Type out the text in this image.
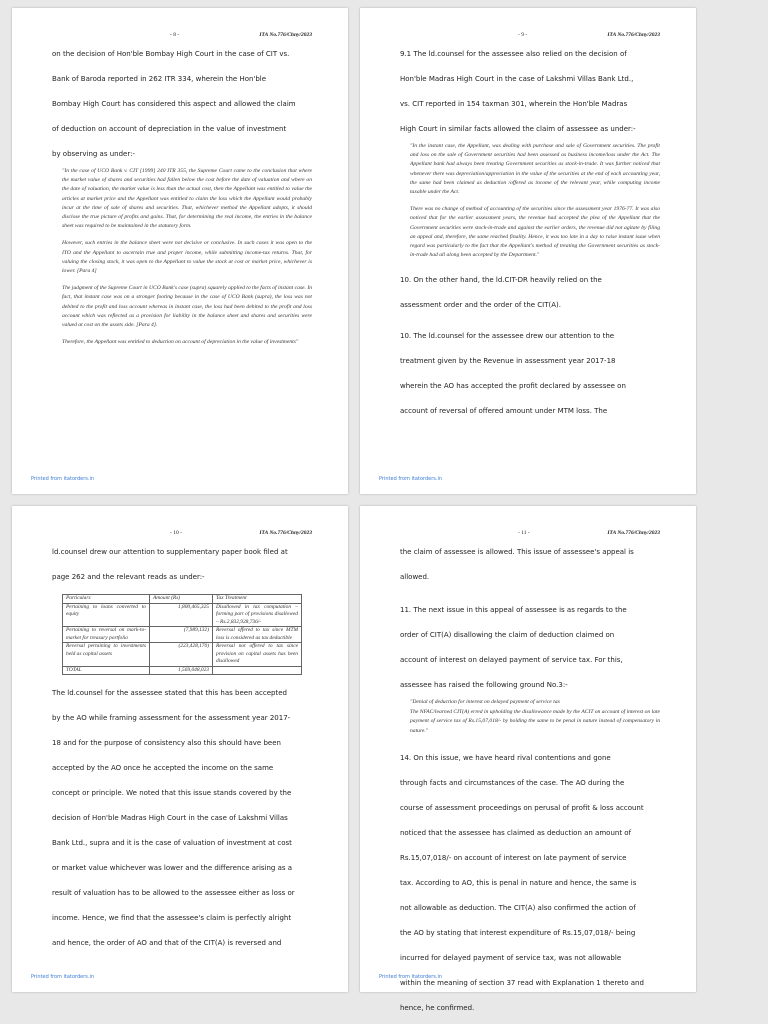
- 8 -	ITA No.776/Chny/2023

on the decision of Hon'ble Bombay High Court in the case of CIT vs.

Bank of Baroda reported in 262 ITR 334, wherein the Hon'ble

Bombay High Court has considered this aspect and allowed the claim

of deduction on account of depreciation in the value of investment

by observing as under:-

"In the case of UCO Bank v. CIT [1999] 240 ITR 355, the Supreme Court came to the conclusion that where the market value of shares and securities had fallen below the cost before the date of valuation and where on the date of valuation, the market value is less than the actual cost, then the Appellant was entitled to value the articles at market price and the Appellant was entitled to claim the loss which the Appellant would probably incur at the time of sale of shares and securities. That, whichever method the Appellant adopts, it should disclose the true picture of profits and gains. That, for determining the real income, the entries in the balance sheet was required to be maintained in the statutory form.

However, such entries in the balance sheet were not decisive or conclusive. In such cases it was open to the ITO and the Appellant to ascertain true and proper income, while submitting income-tax returns. That, for valuing the closing stock, it was open to the Appellant to value the stock at cost or market price, whichever is lower. [Para 4]

The judgment of the Supreme Court in UCO Bank's case (supra) squarely applied to the facts of instant case. In fact, that instant case was on a stronger footing because in the case of UCO Bank (supra), the loss was not debited to the profit and loss account whereas in instant case, the loss had been debited to the profit and loss account which was reflected as a provision for liability in the balance sheet and shares and securities were valued at cost on the assets side. [Para 4].

Therefore, the Appellant was entitled to deduction on account of depreciation in the value of investments"

Printed from itatorders.in
- 9 -	ITA No.776/Chny/2023

9.1 The ld.counsel for the assessee also relied on the decision of

Hon'ble Madras High Court in the case of Lakshmi Villas Bank Ltd.,

vs. CIT reported in 154 taxman 301, wherein the Hon'ble Madras

High Court in similar facts allowed the claim of assessee as under:-

"In the instant case, the Appellant, was dealing with purchase and sale of Government securities. The profit and loss on the sale of Government securities had been assessed as business income/loss under the Act. The Appellant bank had always been treating Government securities as stock-in-trade. It was further noticed that whenever there was depreciation/appreciation in the value of the securities at the end of each accounting year, the same had been claimed as deduction /offered as income of the relevant year, while computing income taxable under the Act.

There was no change of method of accounting of the securities since the assessment year 1976-77. It was also noticed that for the earlier assessment years, the revenue had accepted the plea of the Appellant that the Government securities were stock-in-trade and against the earlier orders, the revenue did not agitate by filing an appeal and, therefore, the same reached finality. Hence, it was too late in a day to raise instant issue when regard was particularly to the fact that the Appellant's method of treating the Government securities as stock-in-trade had all along been accepted by the Department."

10. On the other hand, the ld.CIT-DR heavily relied on the

assessment order and the order of the CIT(A).

10. The ld.counsel for the assessee drew our attention to the

treatment given by the Revenue in assessment year 2017-18

wherein the AO has accepted the profit declared by assessee on

account of reversal of offered amount under MTM loss. The

Printed from itatorders.in
- 10 -	ITA No.776/Chny/2023

ld.counsel drew our attention to supplementary paper book filed at

page 262 and the relevant reads as under:-

Particulars	Amount (Rs)	Tax Treatment
Pertaining to loans converted to equity	1,800,465,325	Disallowed in tax computation – forming part of provisions disallowed – Rs.2,832,928,736/-
Pertaining to reversal on mark-to-market for treasury portfolio	(7,989,132)	Reversal offered to tax since MTM loss is considered as tax deductible
Reversal pertaining to investments held as capital assets	(223,428,170)	Reversal not offered to tax since provision on capital assets has been disallowed
TOTAL	1,569,048,023	

The ld.counsel for the assessee stated that this has been accepted

by the AO while framing assessment for the assessment year 2017-

18 and for the purpose of consistency also this should have been

accepted by the AO once he accepted the income on the same

concept or principle. We noted that this issue stands covered by the

decision of Hon'ble Madras High Court in the case of Lakshmi Villas

Bank Ltd., supra and it is the case of valuation of investment at cost

or market value whichever was lower and the difference arising as a

result of valuation has to be allowed to the assessee either as loss or

income. Hence, we find that the assessee's claim is perfectly alright

and hence, the order of AO and that of the CIT(A) is reversed and

Printed from itatorders.in
- 11 -	ITA No.776/Chny/2023

the claim of assessee is allowed. This issue of assessee's appeal is

allowed.

11. The next issue in this appeal of assessee is as regards to the

order of CIT(A) disallowing the claim of deduction claimed on

account of interest on delayed payment of service tax. For this,

assessee has raised the following ground No.3:-

"Denial of deduction for interest on delayed payment of service tax

The NFAC/learned CIT(A) erred in upholding the disallowance made by the ACIT on account of interest on late payment of service tax of Rs.15,07,018/- by holding the same to be penal in nature instead of compensatory in nature."

14. On this issue, we have heard rival contentions and gone

through facts and circumstances of the case. The AO during the

course of assessment proceedings on perusal of profit & loss account

noticed that the assessee has claimed as deduction an amount of

Rs.15,07,018/- on account of interest on late payment of service

tax. According to AO, this is penal in nature and hence, the same is

not allowable as deduction. The CIT(A) also confirmed the action of

the AO by stating that interest expenditure of Rs.15,07,018/- being

incurred for delayed payment of service tax, was not allowable

within the meaning of section 37 read with Explanation 1 thereto and

hence, he confirmed.

Printed from itatorders.in
